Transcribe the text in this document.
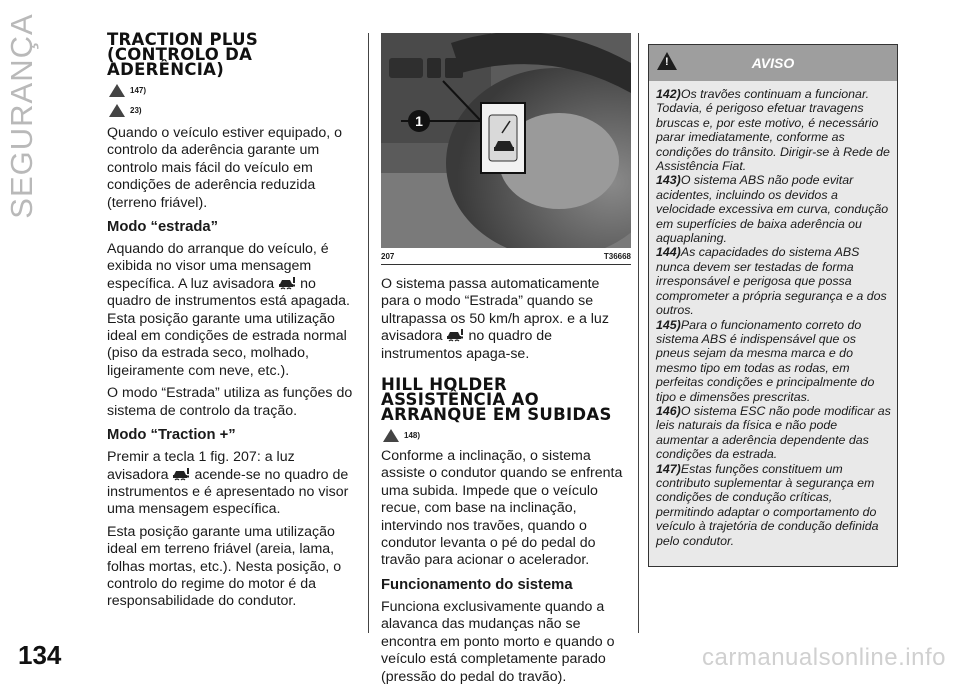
SEGURANÇA
134	carmanualsonline.info
TRACTION PLUS (CONTROLO DA ADERÊNCIA)
147)
23)

Quando o veículo estiver equipado, o controlo da aderência garante um controlo mais fácil do veículo em condições de aderência reduzida (terreno friável).

Modo “estrada”

Aquando do arranque do veículo, é exibida no visor uma mensagem específica. A luz avisadora no quadro de instrumentos está apagada. Esta posição garante uma utilização ideal em condições de estrada normal (piso da estrada seco, molhado, ligeiramente com neve, etc.).

O modo “Estrada” utiliza as funções do sistema de controlo da tração.

Modo “Traction +”

Premir a tecla 1 fig. 207: a luz avisadora acende-se no quadro de instrumentos e é apresentado no visor uma mensagem específica.

Esta posição garante uma utilização ideal em terreno friável (areia, lama, folhas mortas, etc.). Nesta posição, o controlo do regime do motor é da responsabilidade do condutor.

1
207	T36668

O sistema passa automaticamente para o modo “Estrada” quando se ultrapassa os 50 km/h aprox. e a luz avisadora no quadro de instrumentos apaga-se.

HILL HOLDER ASSISTÊNCIA AO ARRANQUE EM SUBIDAS
148)

Conforme a inclinação, o sistema assiste o condutor quando se enfrenta uma subida. Impede que o veículo recue, com base na inclinação, intervindo nos travões, quando o condutor levanta o pé do pedal do travão para acionar o acelerador.

Funcionamento do sistema

Funciona exclusivamente quando a alavanca das mudanças não se encontra em ponto morto e quando o veículo está completamente parado (pressão do pedal do travão).

!	AVISO

142)Os travões continuam a funcionar. Todavia, é perigoso efetuar travagens bruscas e, por este motivo, é necessário parar imediatamente, conforme as condições do trânsito. Dirigir-se à Rede de Assistência Fiat.

143)O sistema ABS não pode evitar acidentes, incluindo os devidos a velocidade excessiva em curva, condução em superfícies de baixa aderência ou aquaplaning.

144)As capacidades do sistema ABS nunca devem ser testadas de forma irresponsável e perigosa que possa comprometer a própria segurança e a dos outros.

145)Para o funcionamento correto do sistema ABS é indispensável que os pneus sejam da mesma marca e do mesmo tipo em todas as rodas, em perfeitas condições e principalmente do tipo e dimensões prescritas.

146)O sistema ESC não pode modificar as leis naturais da física e não pode aumentar a aderência dependente das condições da estrada.

147)Estas funções constituem um contributo suplementar à segurança em condições de condução críticas, permitindo adaptar o comportamento do veículo à trajetória de condução definida pelo condutor.
